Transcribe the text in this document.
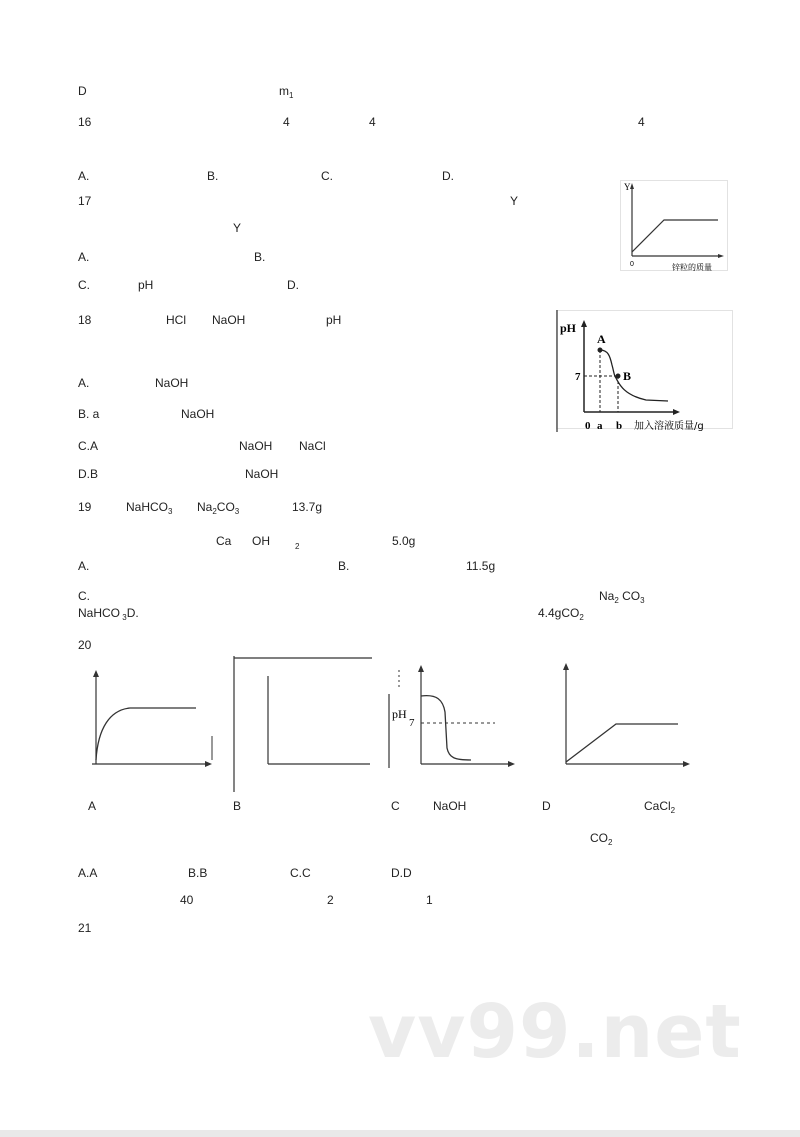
D	$m_1$
16	4	4	4
A.	B.	C.	D.
17	Y
Y
A.	B.
C.	pH	D.
Y
0	锌粒的质量
18	HCl NaOH	pH
A.	NaOH
B. a	NaOH
C.A	NaOH NaCl
D.B	NaOH
pH
A
B
7
0 a b 加入溶液质量/g
19	NaHCO$_3$ $Na_2CO_3$	13.7g
Ca OH	2	5.0g
A.	B.	11.5g
C.	$Na_2$ $CO_3$
NaHCO $_3$D.	4.4gCO$_2$
20
pH
7
A	B	C	NaOH	D	CaCl$_2$
$CO_2$
A.A	B.B	C.C	D.D
40	2	1
21
vv99.net
